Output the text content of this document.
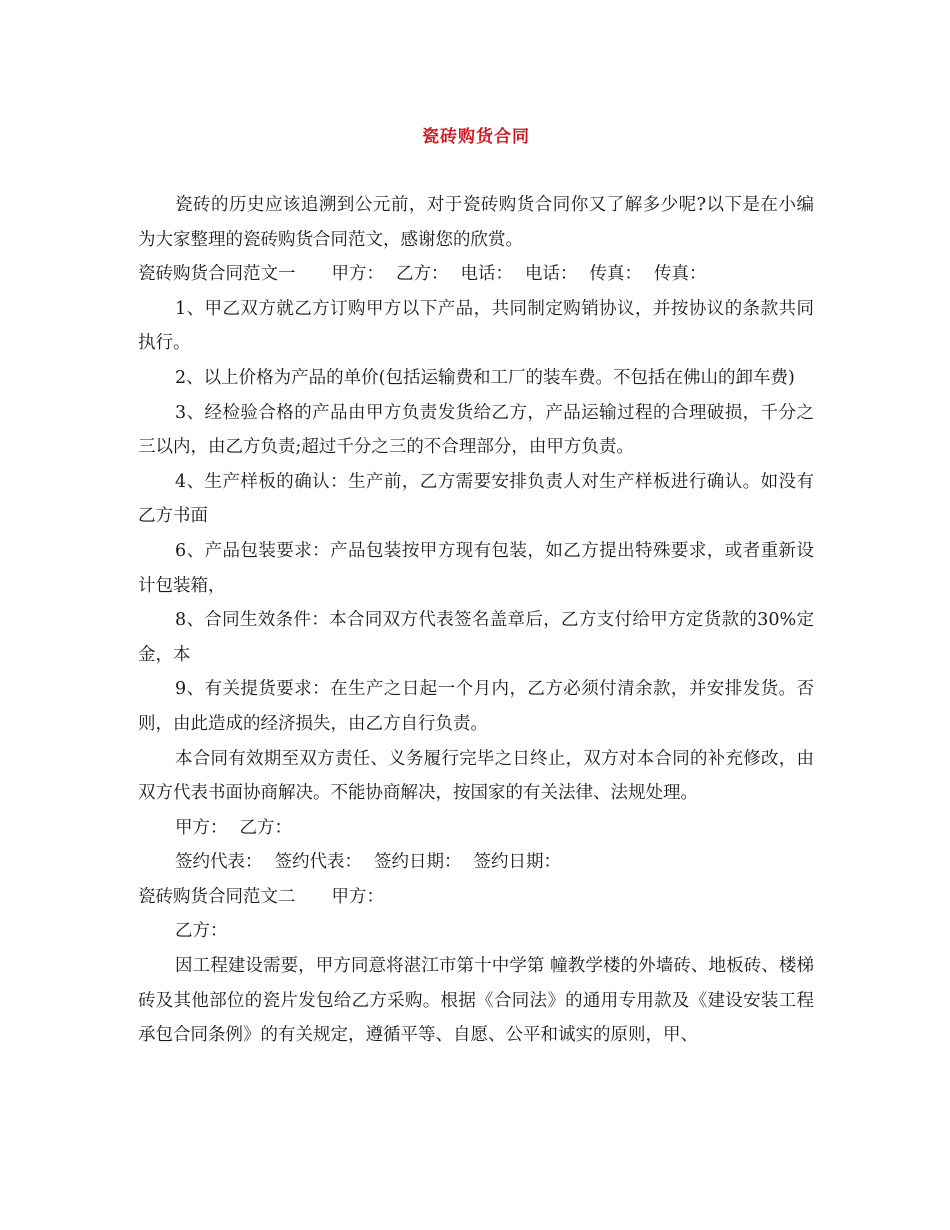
瓷砖购货合同

瓷砖的历史应该追溯到公元前，对于瓷砖购货合同你又了解多少呢?以下是在小编为大家整理的瓷砖购货合同范文，感谢您的欣赏。

瓷砖购货合同范文一 甲方： 乙方： 电话： 电话： 传真： 传真：

1、甲乙双方就乙方订购甲方以下产品，共同制定购销协议，并按协议的条款共同执行。

2、以上价格为产品的单价(包括运输费和工厂的装车费。不包括在佛山的卸车费)

3、经检验合格的产品由甲方负责发货给乙方，产品运输过程的合理破损，千分之三以内，由乙方负责;超过千分之三的不合理部分，由甲方负责。

4、生产样板的确认：生产前，乙方需要安排负责人对生产样板进行确认。如没有乙方书面

6、产品包装要求：产品包装按甲方现有包装，如乙方提出特殊要求，或者重新设计包装箱，

8、合同生效条件：本合同双方代表签名盖章后，乙方支付给甲方定货款的30%定金，本

9、有关提货要求：在生产之日起一个月内，乙方必须付清余款，并安排发货。否则，由此造成的经济损失，由乙方自行负责。

本合同有效期至双方责任、义务履行完毕之日终止，双方对本合同的补充修改，由双方代表书面协商解决。不能协商解决，按国家的有关法律、法规处理。

甲方： 乙方：

签约代表： 签约代表： 签约日期： 签约日期：

瓷砖购货合同范文二 甲方：

乙方：

因工程建设需要，甲方同意将湛江市第十中学第 幢教学楼的外墙砖、地板砖、楼梯砖及其他部位的瓷片发包给乙方采购。根据《合同法》的通用专用款及《建设安装工程承包合同条例》的有关规定，遵循平等、自愿、公平和诚实的原则，甲、
